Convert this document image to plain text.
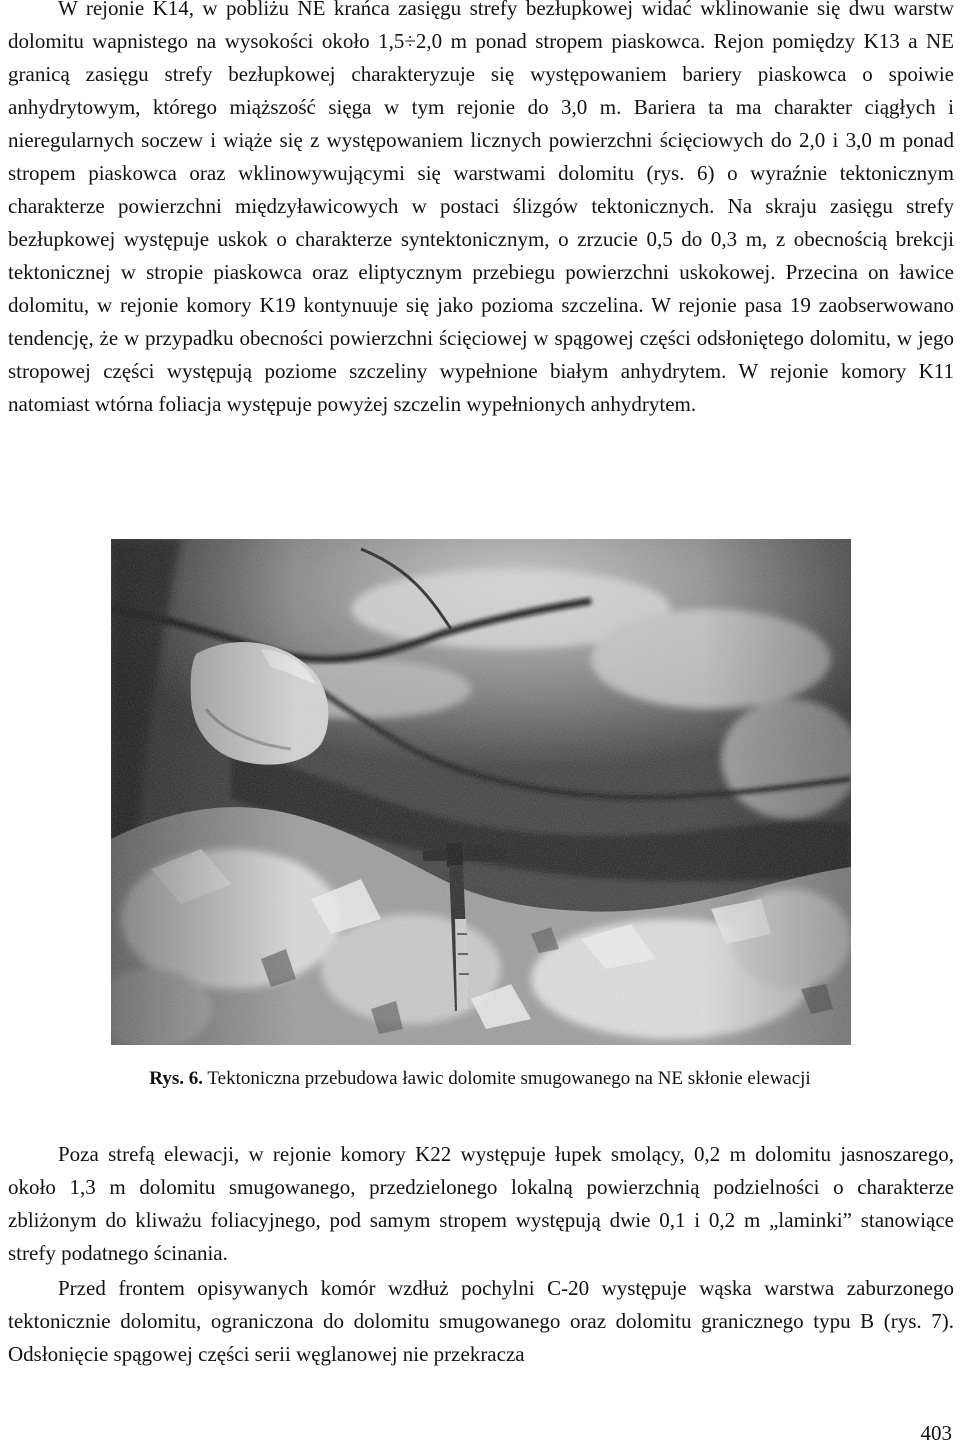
W rejonie K14, w pobliżu NE krańca zasięgu strefy bezłupkowej widać wklinowanie się dwu warstw dolomitu wapnistego na wysokości około 1,5÷2,0 m ponad stropem piaskowca. Rejon pomiędzy K13 a NE granicą zasięgu strefy bezłupkowej charakteryzuje się występowaniem bariery piaskowca o spoiwie anhydrytowym, którego miąższość sięga w tym rejonie do 3,0 m. Bariera ta ma charakter ciągłych i nieregularnych soczew i wiąże się z występowaniem licznych powierzchni ścięciowych do 2,0 i 3,0 m ponad stropem piaskowca oraz wklinowywującymi się warstwami dolomitu (rys. 6) o wyraźnie tektonicznym charakterze powierzchni międzyławicowych w postaci ślizgów tektonicznych. Na skraju zasięgu strefy bezłupkowej występuje uskok o charakterze syntektonicznym, o zrzucie 0,5 do 0,3 m, z obecnością brekcji tektonicznej w stropie piaskowca oraz eliptycznym przebiegu powierzchni uskokowej. Przecina on ławice dolomitu, w rejonie komory K19 kontynuuje się jako pozioma szczelina. W rejonie pasa 19 zaobserwowano tendencję, że w przypadku obecności powierzchni ścięciowej w spągowej części odsłoniętego dolomitu, w jego stropowej części występują poziome szczeliny wypełnione białym anhydrytem. W rejonie komory K11 natomiast wtórna foliacja występuje powyżej szczelin wypełnionych anhydrytem.

Rys. 6. Tektoniczna przebudowa ławic dolomite smugowanego na NE skłonie elewacji

Poza strefą elewacji, w rejonie komory K22 występuje łupek smolący, 0,2 m dolomitu jasnoszarego, około 1,3 m dolomitu smugowanego, przedzielonego lokalną powierzchnią podzielności o charakterze zbliżonym do kliważu foliacyjnego, pod samym stropem występują dwie 0,1 i 0,2 m „laminki” stanowiące strefy podatnego ścinania.

Przed frontem opisywanych komór wzdłuż pochylni C-20 występuje wąska warstwa zaburzonego tektonicznie dolomitu, ograniczona do dolomitu smugowanego oraz dolomitu granicznego typu B (rys. 7). Odsłonięcie spągowej części serii węglanowej nie przekracza

403
